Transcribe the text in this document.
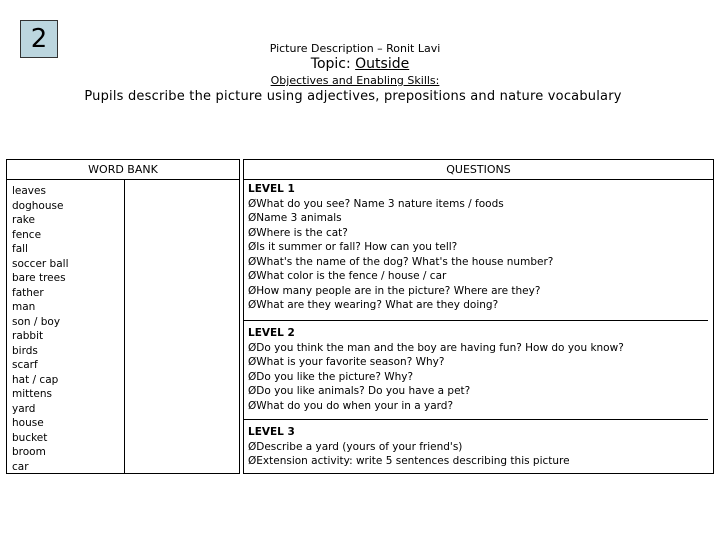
2	Picture Description – Ronit Lavi
Topic: Outside
Objectives and Enabling Skills:
Pupils describe the picture using adjectives, prepositions and nature vocabulary
WORD BANK	QUESTIONS
leaves
doghouse
rake
fence
fall
soccer ball
bare trees
father
man
son / boy
rabbit
birds
scarf
hat / cap
mittens
yard
house
bucket
broom
car
LEVEL 1
ØWhat do you see? Name 3 nature items / foods
ØName 3 animals
ØWhere is the cat?
ØIs it summer or fall? How can you tell?
ØWhat's the name of the dog? What's the house number?
ØWhat color is the fence / house / car
ØHow many people are in the picture? Where are they?
ØWhat are they wearing? What are they doing?
LEVEL 2
ØDo you think the man and the boy are having fun? How do you know?
ØWhat is your favorite season? Why?
ØDo you like the picture? Why?
ØDo you like animals? Do you have a pet?
ØWhat do you do when your in a yard?
LEVEL 3
ØDescribe a yard (yours of your friend's)
ØExtension activity: write 5 sentences describing this picture
